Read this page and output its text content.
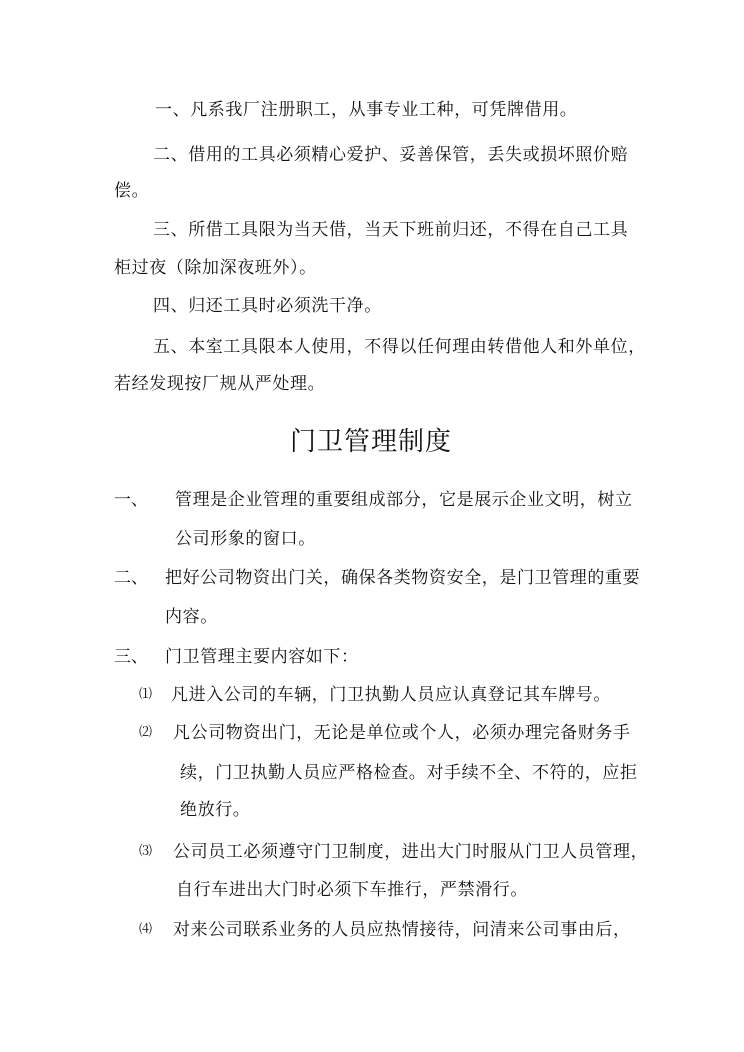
一、凡系我厂注册职工，从事专业工种，可凭牌借用。
二、借用的工具必须精心爱护、妥善保管，丢失或损坏照价赔
偿。
三、所借工具限为当天借，当天下班前归还，不得在自己工具
柜过夜（除加深夜班外）。
四、归还工具时必须洗干净。
五、本室工具限本人使用，不得以任何理由转借他人和外单位，
若经发现按厂规从严处理。
门卫管理制度
一、 管理是企业管理的重要组成部分，它是展示企业文明，树立
公司形象的窗口。
二、 把好公司物资出门关，确保各类物资安全，是门卫管理的重要
内容。
三、 门卫管理主要内容如下：
⑴ 凡进入公司的车辆，门卫执勤人员应认真登记其车牌号。
⑵ 凡公司物资出门，无论是单位或个人，必须办理完备财务手
续，门卫执勤人员应严格检查。对手续不全、不符的，应拒
绝放行。
⑶ 公司员工必须遵守门卫制度，进出大门时服从门卫人员管理，
自行车进出大门时必须下车推行，严禁滑行。
⑷ 对来公司联系业务的人员应热情接待，问清来公司事由后，
